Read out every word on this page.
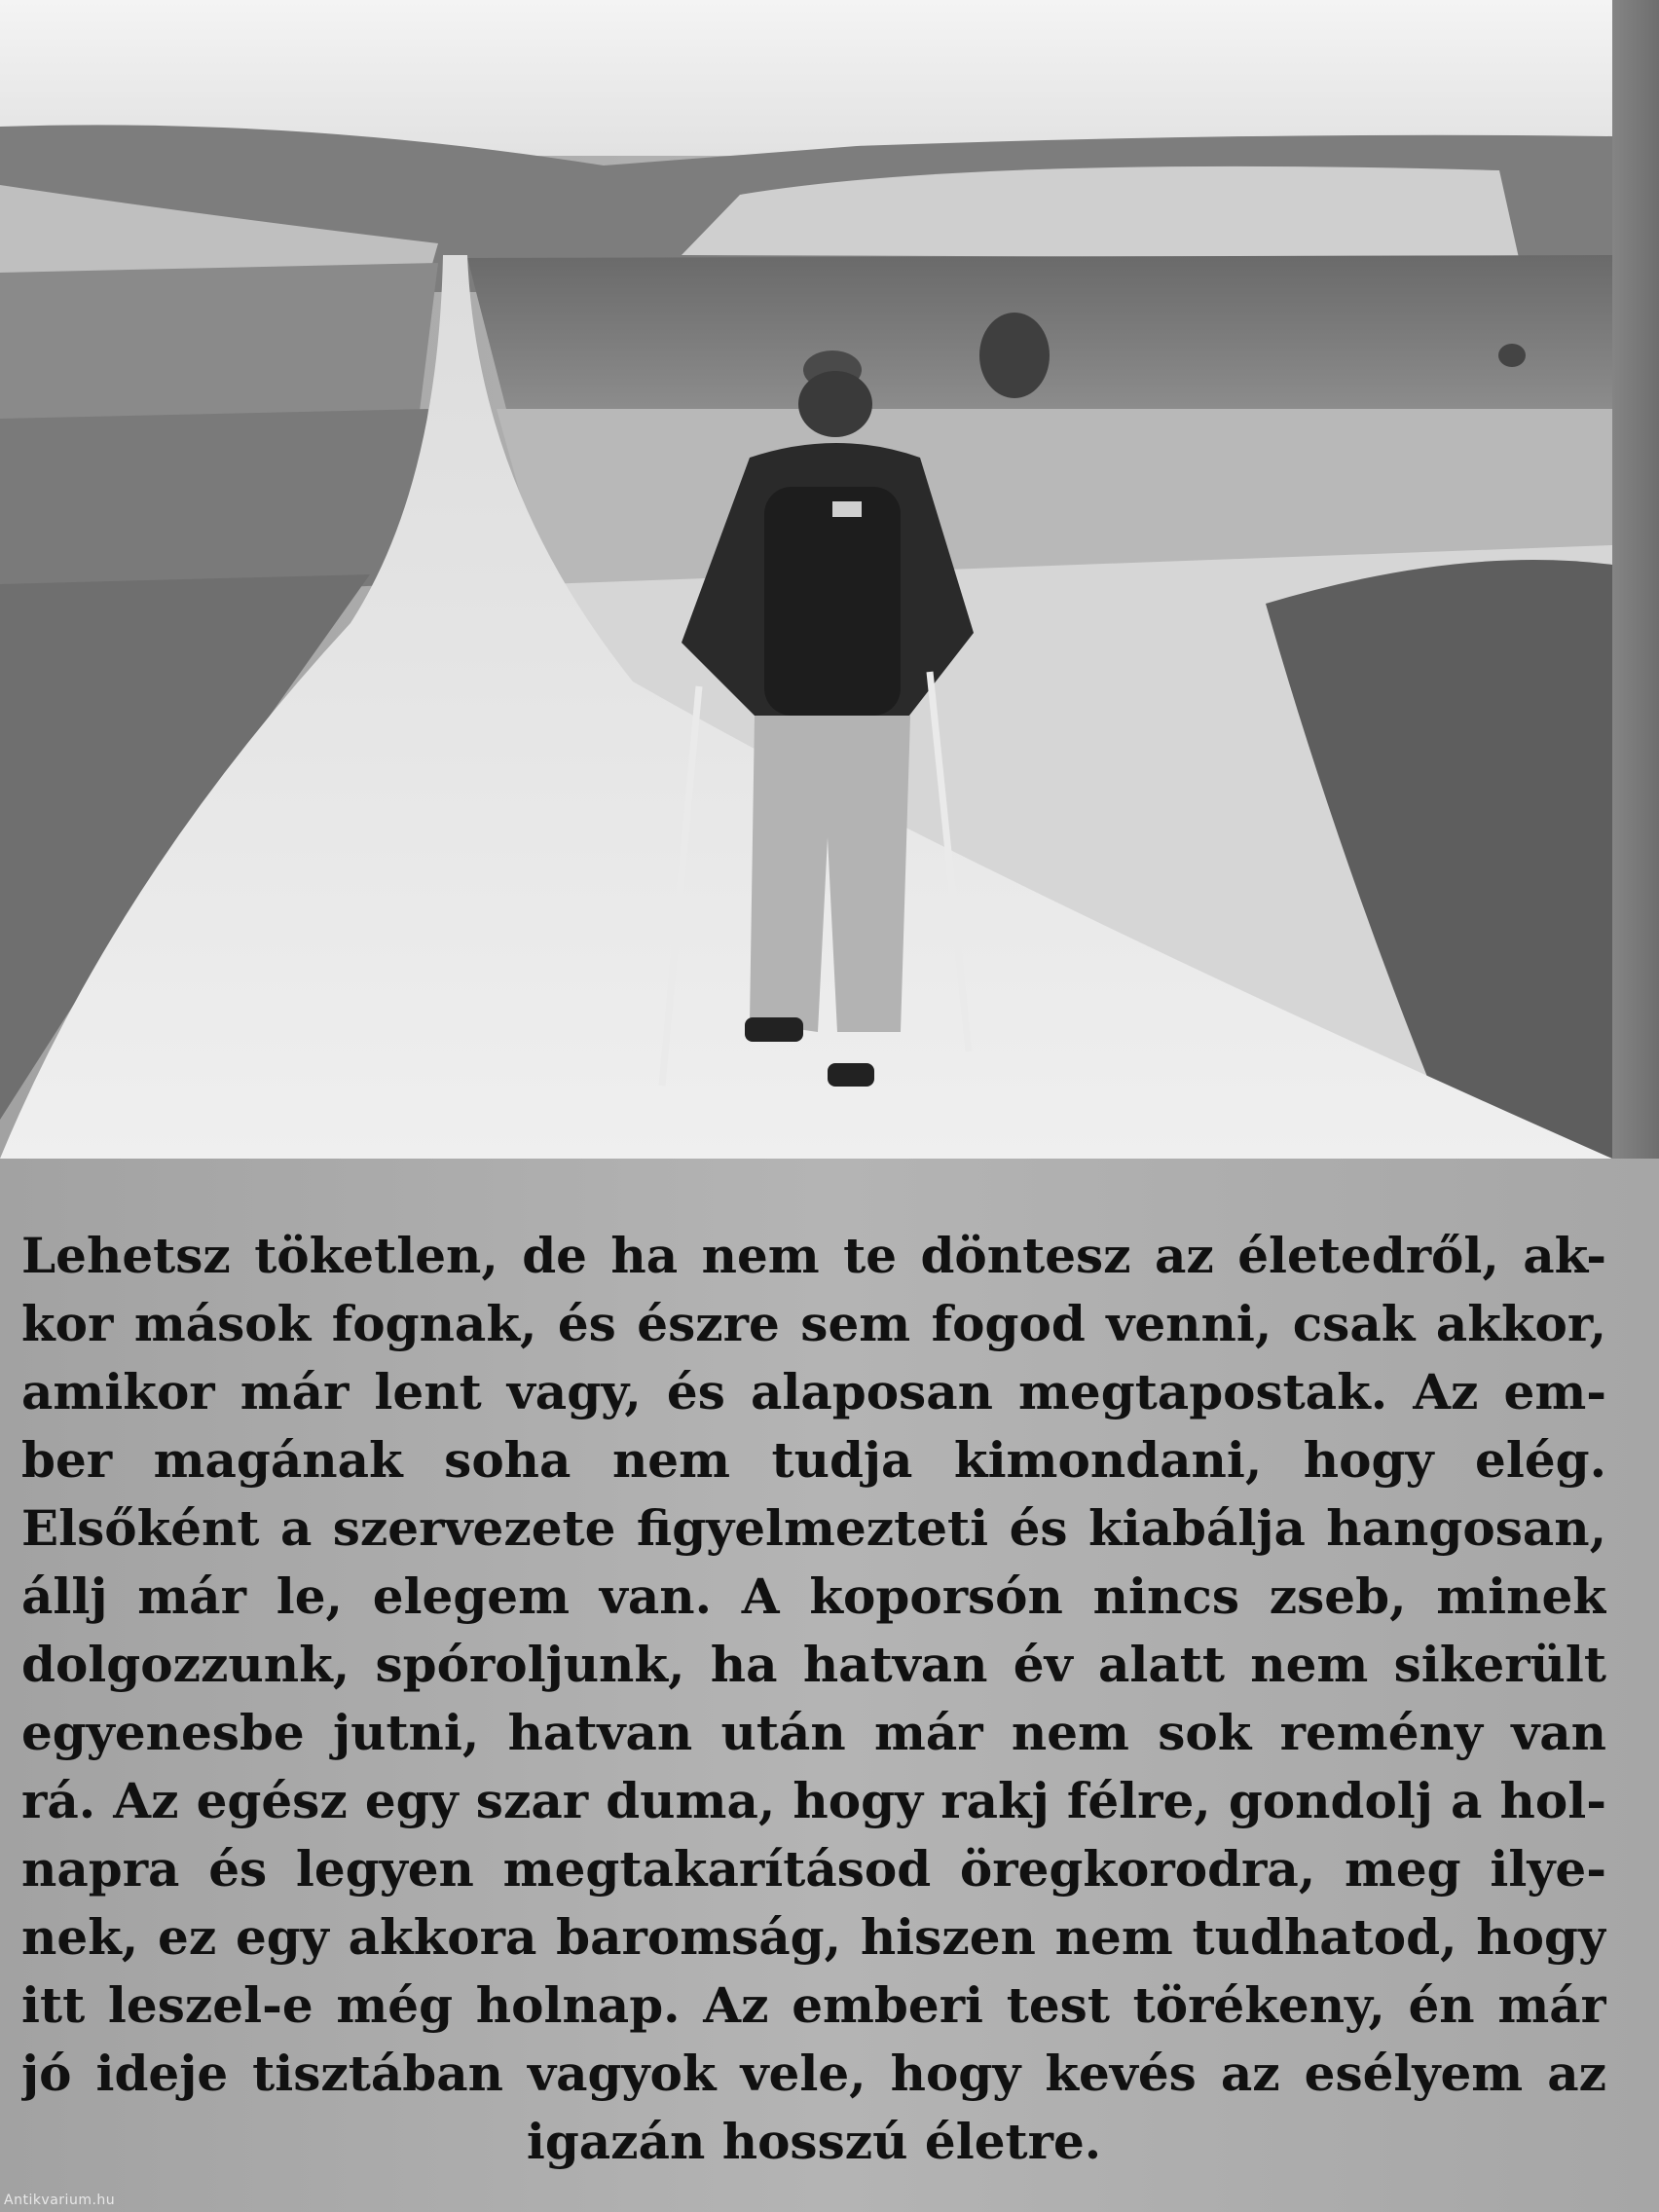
Lehetsz töketlen, de ha nem te döntesz az életedről, ak-
kor mások fognak, és észre sem fogod venni, csak akkor,
amikor már lent vagy, és alaposan megtapostak. Az em-
ber magának soha nem tudja kimondani, hogy elég.
Elsőként a szervezete figyelmezteti és kiabálja hangosan,
állj már le, elegem van. A koporsón nincs zseb, minek
dolgozzunk, spóroljunk, ha hatvan év alatt nem sikerült
egyenesbe jutni, hatvan után már nem sok remény van
rá. Az egész egy szar duma, hogy rakj félre, gondolj a hol-
napra és legyen megtakarításod öregkorodra, meg ilye-
nek, ez egy akkora baromság, hiszen nem tudhatod, hogy
itt leszel-e még holnap. Az emberi test törékeny, én már
jó ideje tisztában vagyok vele, hogy kevés az esélyem az
igazán hosszú életre.
Antikvarium.hu
